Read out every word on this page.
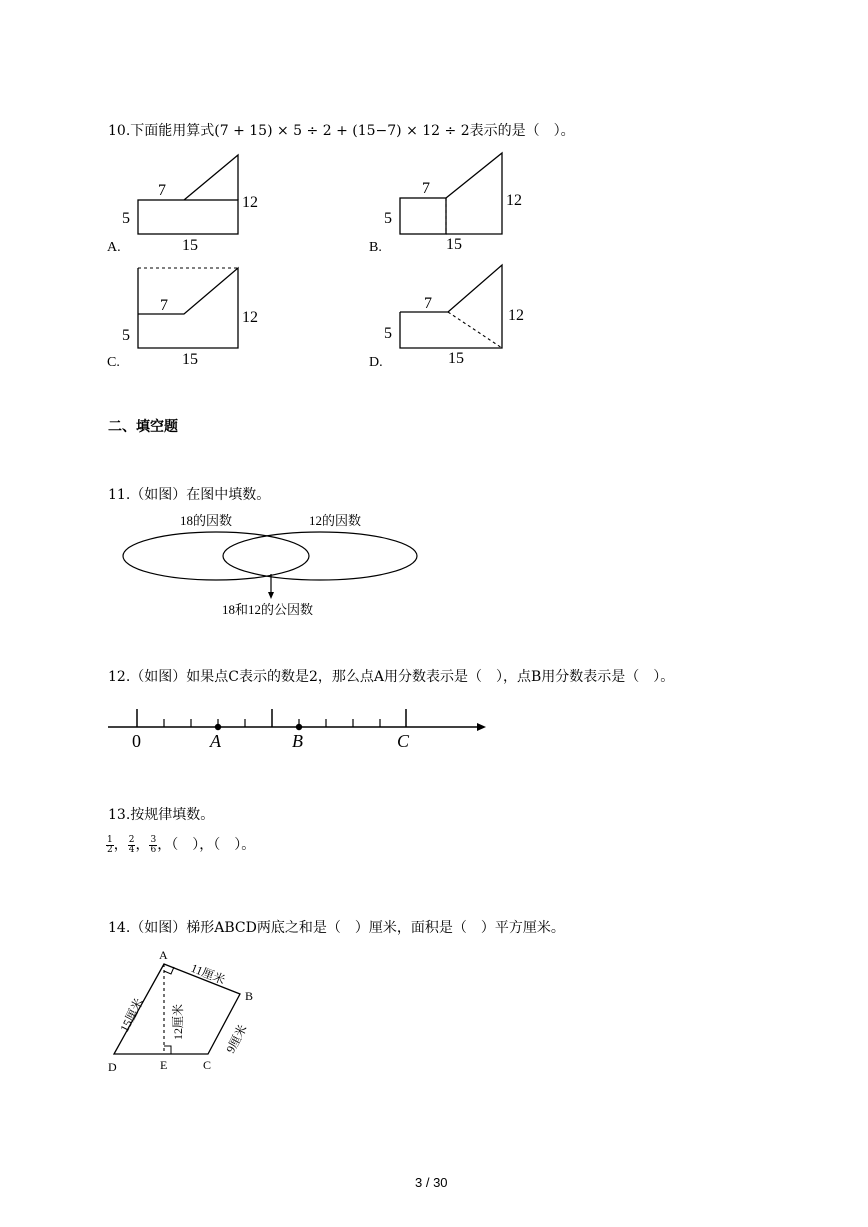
10.下面能用算式(7 + 15) × 5 ÷ 2 + (15−7) × 12 ÷ 2表示的是（　）。
7
5
12
15
A.
7
5
12
15
B.
7
5
12
15
C.
7
5
12
15
D.
二、填空题
11.（如图）在图中填数。
18的因数	12的因数
18和12的公因数
12.（如图）如果点C表示的数是2，那么点A用分数表示是（　），点B用分数表示是（　）。
0	A	B	C
13.按规律填数。
$\frac{1}{2}$ ， $\frac{2}{4}$ ， $\frac{3}{6}$ ，（　），（　）。
14.（如图）梯形ABCD两底之和是（　）厘米，面积是（　）平方厘米。
A
B
C
D	E
11厘米
15厘米 12厘米	9厘米
3 / 30
